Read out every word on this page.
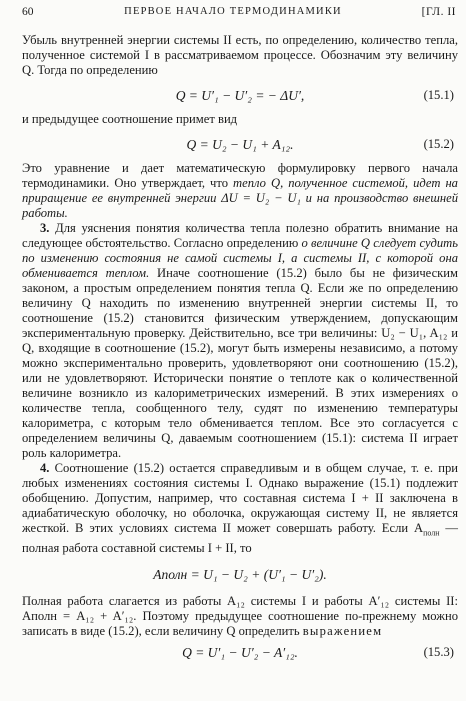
60	ПЕРВОЕ НАЧАЛО ТЕРМОДИНАМИКИ	[ГЛ. II

Убыль внутренней энергии системы II есть, по определению, количество тепла, полученное системой I в рассматриваемом процессе. Обозначим эту величину Q. Тогда по определению

Q = U′₁ − U′₂ = − ΔU′,	(15.1)

и предыдущее соотношение примет вид

Q = U₂ − U₁ + A₁₂.	(15.2)

Это уравнение и дает математическую формулировку первого начала термодинамики. Оно утверждает, что тепло Q, полученное системой, идет на приращение ее внутренней энергии ΔU = U₂ − U₁ и на производство внешней работы.

3. Для уяснения понятия количества тепла полезно обратить внимание на следующее обстоятельство. Согласно определению о величине Q следует судить по изменению состояния не самой системы I, а системы II, с которой она обменивается теплом. Иначе соотношение (15.2) было бы не физическим законом, а простым определением понятия тепла Q. Если же по определению величину Q находить по изменению внутренней энергии системы II, то соотношение (15.2) становится физическим утверждением, допускающим экспериментальную проверку. Действительно, все три величины: U₂ − U₁, A₁₂ и Q, входящие в соотношение (15.2), могут быть измерены независимо, а потому можно экспериментально проверить, удовлетворяют они соотношению (15.2), или не удовлетворяют. Исторически понятие о теплоте как о количественной величине возникло из калориметрических измерений. В этих измерениях о количестве тепла, сообщенного телу, судят по изменению температуры калориметра, с которым тело обменивается теплом. Все это согласуется с определением величины Q, даваемым соотношением (15.1): система II играет роль калориметра.

4. Соотношение (15.2) остается справедливым и в общем случае, т. е. при любых изменениях состояния системы I. Однако выражение (15.1) подлежит обобщению. Допустим, например, что составная система I + II заключена в адиабатическую оболочку, но оболочка, окружающая систему II, не является жесткой. В этих условиях система II может совершать работу. Если $A_{полн}$ — полная работа составной системы I + II, то

Aполн = U₁ − U₂ + (U′₁ − U′₂).

Полная работа слагается из работы A₁₂ системы I и работы A′₁₂ системы II: Aполн = A₁₂ + A′₁₂. Поэтому предыдущее соотношение по-прежнему можно записать в виде (15.2), если величину Q определить выражением

Q = U′₁ − U′₂ − A′₁₂.	(15.3)
